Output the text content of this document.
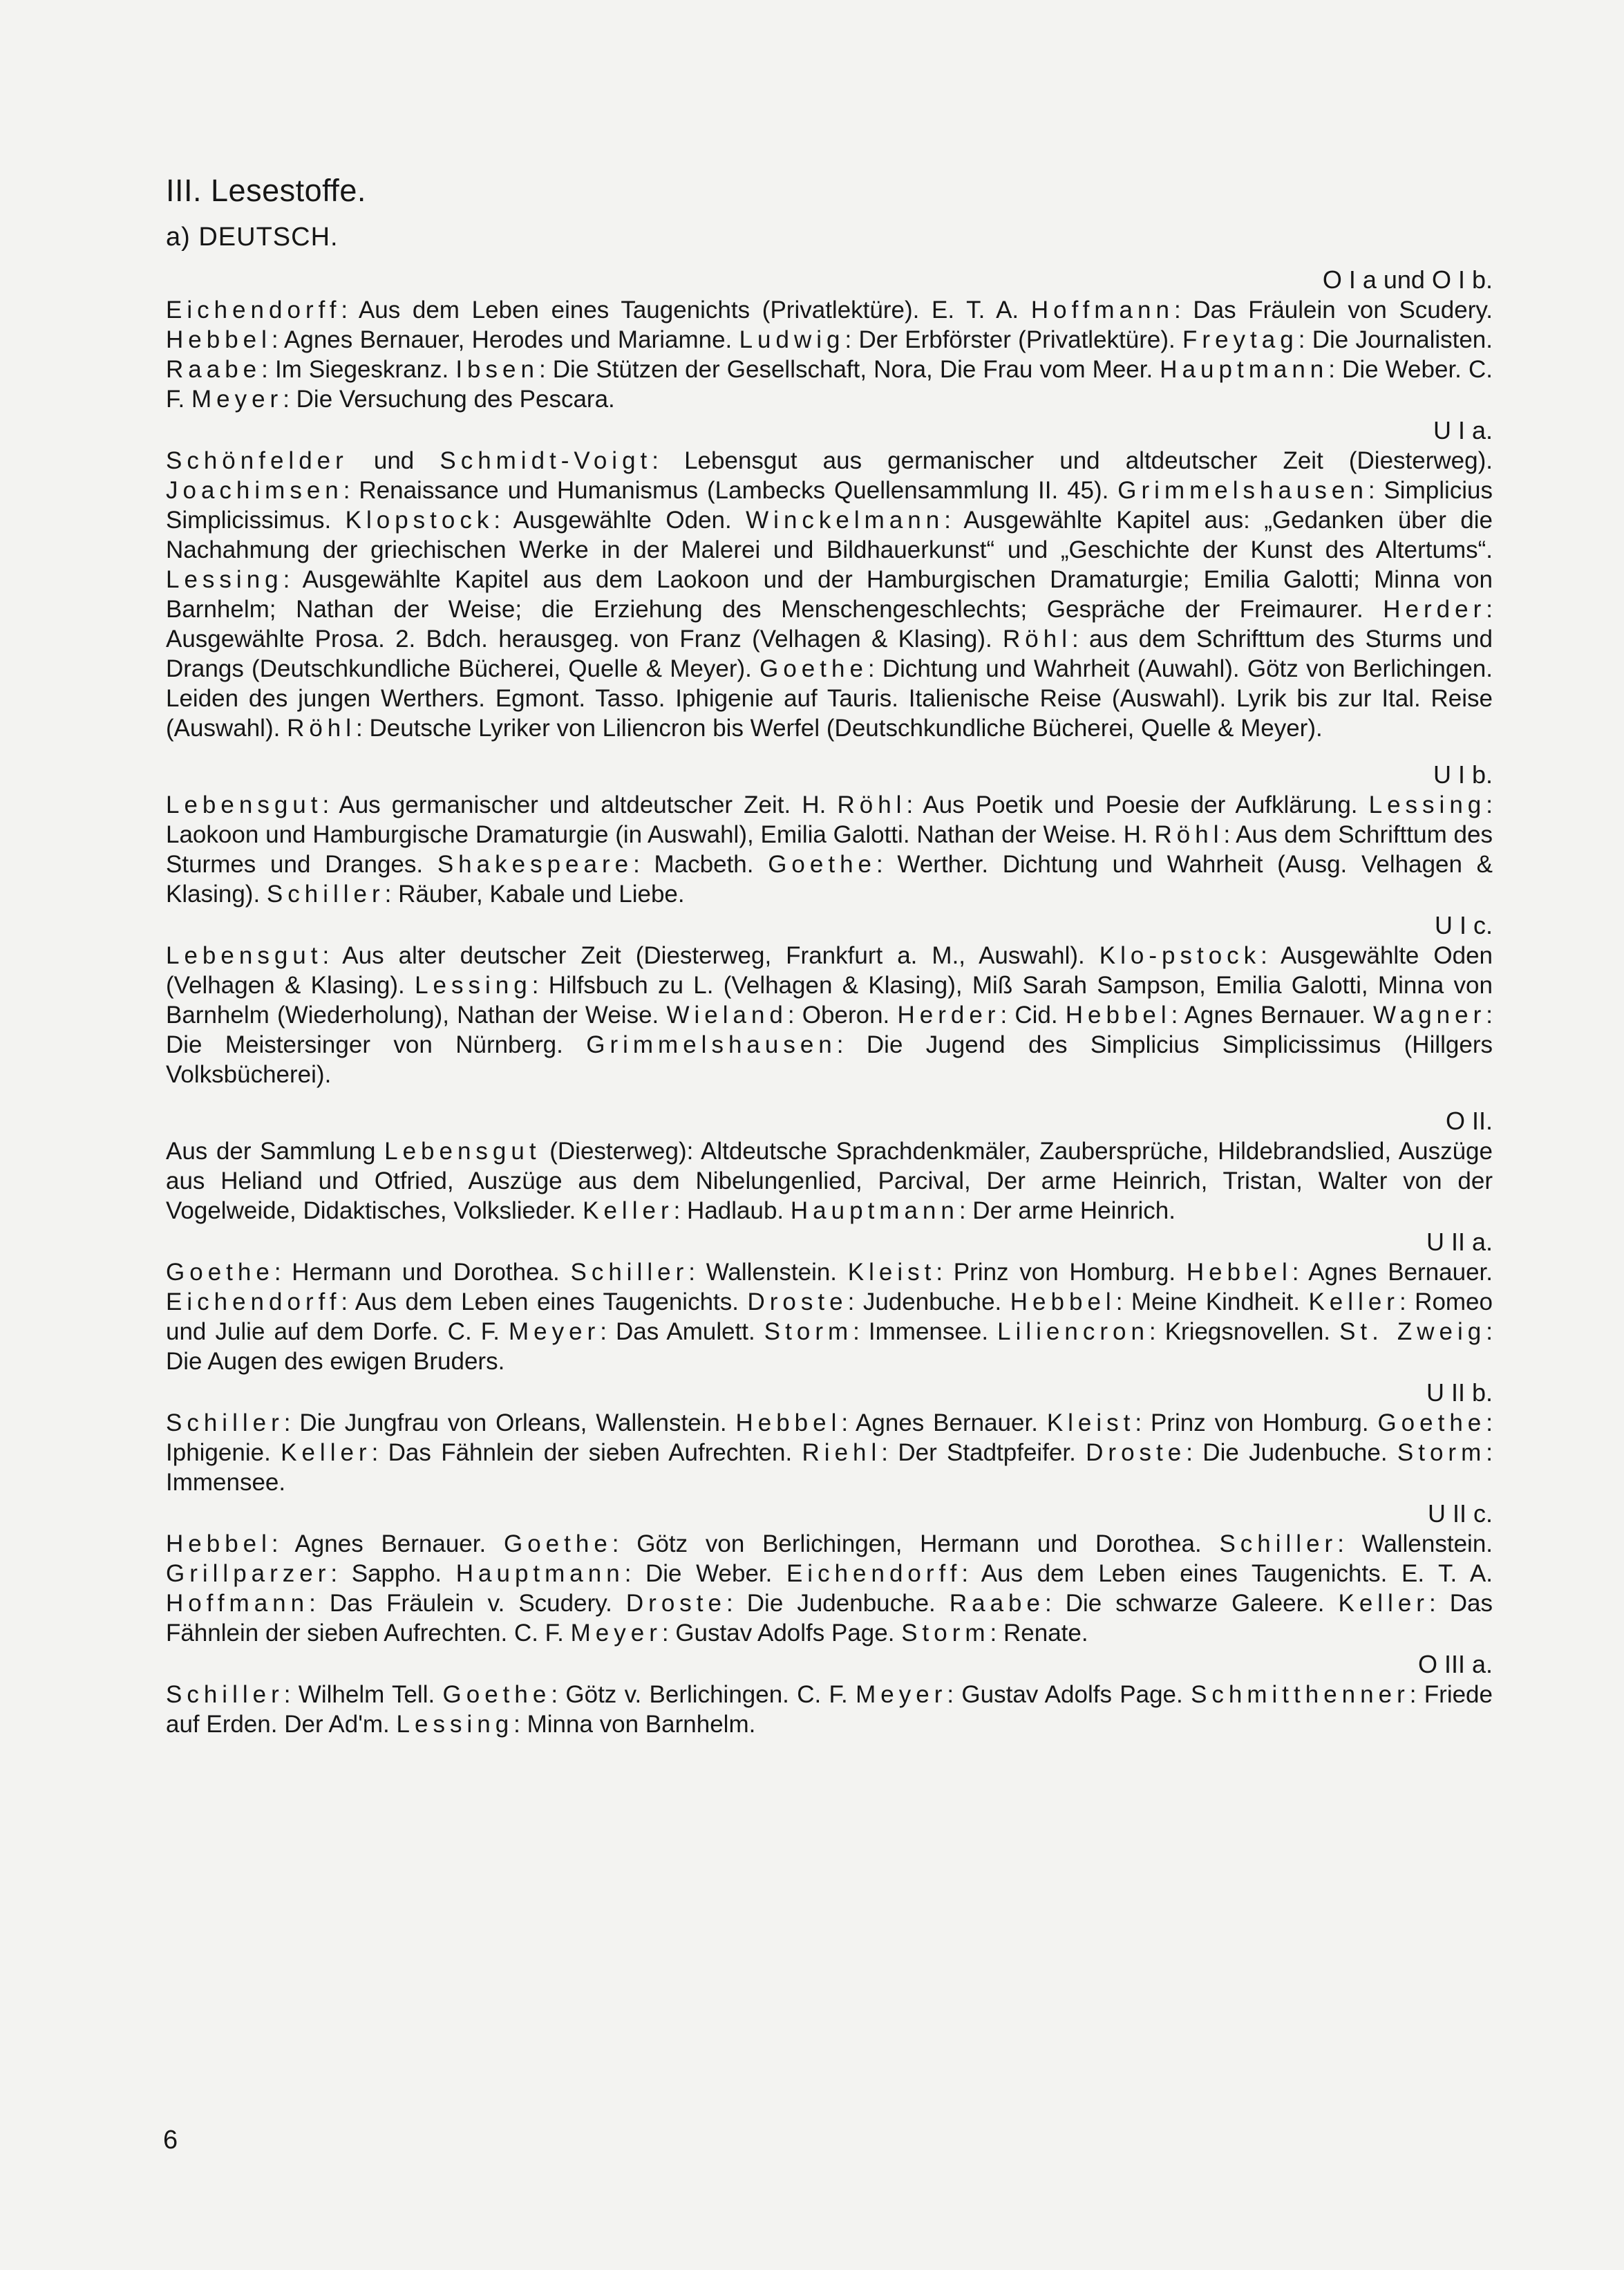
III. Lesestoffe.
a) DEUTSCH.
O I a und O I b.

Eichendorff: Aus dem Leben eines Taugenichts (Privatlektüre). E. T. A. Hoffmann: Das Fräulein von Scudery. Hebbel: Agnes Bernauer, Herodes und Mariamne. Ludwig: Der Erbförster (Privatlektüre). Freytag: Die Journalisten. Raabe: Im Siegeskranz. Ibsen: Die Stützen der Gesellschaft, Nora, Die Frau vom Meer. Hauptmann: Die Weber. C. F. Meyer: Die Versuchung des Pescara.

U I a.

Schönfelder und Schmidt-Voigt: Lebensgut aus germanischer und altdeutscher Zeit (Diesterweg). Joachimsen: Renaissance und Humanismus (Lambecks Quellensammlung II. 45). Grimmelshausen: Simplicius Simplicissimus. Klopstock: Ausgewählte Oden. Winckelmann: Ausgewählte Kapitel aus: „Gedanken über die Nachahmung der griechischen Werke in der Malerei und Bildhauerkunst“ und „Geschichte der Kunst des Altertums“. Lessing: Ausgewählte Kapitel aus dem Laokoon und der Hamburgischen Dramaturgie; Emilia Galotti; Minna von Barnhelm; Nathan der Weise; die Erziehung des Menschengeschlechts; Gespräche der Freimaurer. Herder: Ausgewählte Prosa. 2. Bdch. herausgeg. von Franz (Velhagen & Klasing). Röhl: aus dem Schrifttum des Sturms und Drangs (Deutschkundliche Bücherei, Quelle & Meyer). Goethe: Dichtung und Wahrheit (Auwahl). Götz von Berlichingen. Leiden des jungen Werthers. Egmont. Tasso. Iphigenie auf Tauris. Italienische Reise (Auswahl). Lyrik bis zur Ital. Reise (Auswahl). Röhl: Deutsche Lyriker von Liliencron bis Werfel (Deutschkundliche Bücherei, Quelle & Meyer).

U I b.

Lebensgut: Aus germanischer und altdeutscher Zeit. H. Röhl: Aus Poetik und Poesie der Aufklärung. Lessing: Laokoon und Hamburgische Dramaturgie (in Auswahl), Emilia Galotti. Nathan der Weise. H. Röhl: Aus dem Schrifttum des Sturmes und Dranges. Shakespeare: Macbeth. Goethe: Werther. Dichtung und Wahrheit (Ausg. Velhagen & Klasing). Schiller: Räuber, Kabale und Liebe.

U I c.

Lebensgut: Aus alter deutscher Zeit (Diesterweg, Frankfurt a. M., Auswahl). Klo-pstock: Ausgewählte Oden (Velhagen & Klasing). Lessing: Hilfsbuch zu L. (Velhagen & Klasing), Miß Sarah Sampson, Emilia Galotti, Minna von Barnhelm (Wiederholung), Nathan der Weise. Wieland: Oberon. Herder: Cid. Hebbel: Agnes Bernauer. Wagner: Die Meistersinger von Nürnberg. Grimmelshausen: Die Jugend des Simplicius Simplicissimus (Hillgers Volksbücherei).

O II.

Aus der Sammlung Lebensgut (Diesterweg): Altdeutsche Sprachdenkmäler, Zaubersprüche, Hildebrandslied, Auszüge aus Heliand und Otfried, Auszüge aus dem Nibelungenlied, Parcival, Der arme Heinrich, Tristan, Walter von der Vogelweide, Didaktisches, Volkslieder. Keller: Hadlaub. Hauptmann: Der arme Heinrich.

U II a.

Goethe: Hermann und Dorothea. Schiller: Wallenstein. Kleist: Prinz von Homburg. Hebbel: Agnes Bernauer. Eichendorff: Aus dem Leben eines Taugenichts. Droste: Judenbuche. Hebbel: Meine Kindheit. Keller: Romeo und Julie auf dem Dorfe. C. F. Meyer: Das Amulett. Storm: Immensee. Liliencron: Kriegsnovellen. St. Zweig: Die Augen des ewigen Bruders.

U II b.

Schiller: Die Jungfrau von Orleans, Wallenstein. Hebbel: Agnes Bernauer. Kleist: Prinz von Homburg. Goethe: Iphigenie. Keller: Das Fähnlein der sieben Aufrechten. Riehl: Der Stadtpfeifer. Droste: Die Judenbuche. Storm: Immensee.

U II c.

Hebbel: Agnes Bernauer. Goethe: Götz von Berlichingen, Hermann und Dorothea. Schiller: Wallenstein. Grillparzer: Sappho. Hauptmann: Die Weber. Eichendorff: Aus dem Leben eines Taugenichts. E. T. A. Hoffmann: Das Fräulein v. Scudery. Droste: Die Judenbuche. Raabe: Die schwarze Galeere. Keller: Das Fähnlein der sieben Aufrechten. C. F. Meyer: Gustav Adolfs Page. Storm: Renate.

O III a.

Schiller: Wilhelm Tell. Goethe: Götz v. Berlichingen. C. F. Meyer: Gustav Adolfs Page. Schmitthenner: Friede auf Erden. Der Ad'm. Lessing: Minna von Barnhelm.

6
